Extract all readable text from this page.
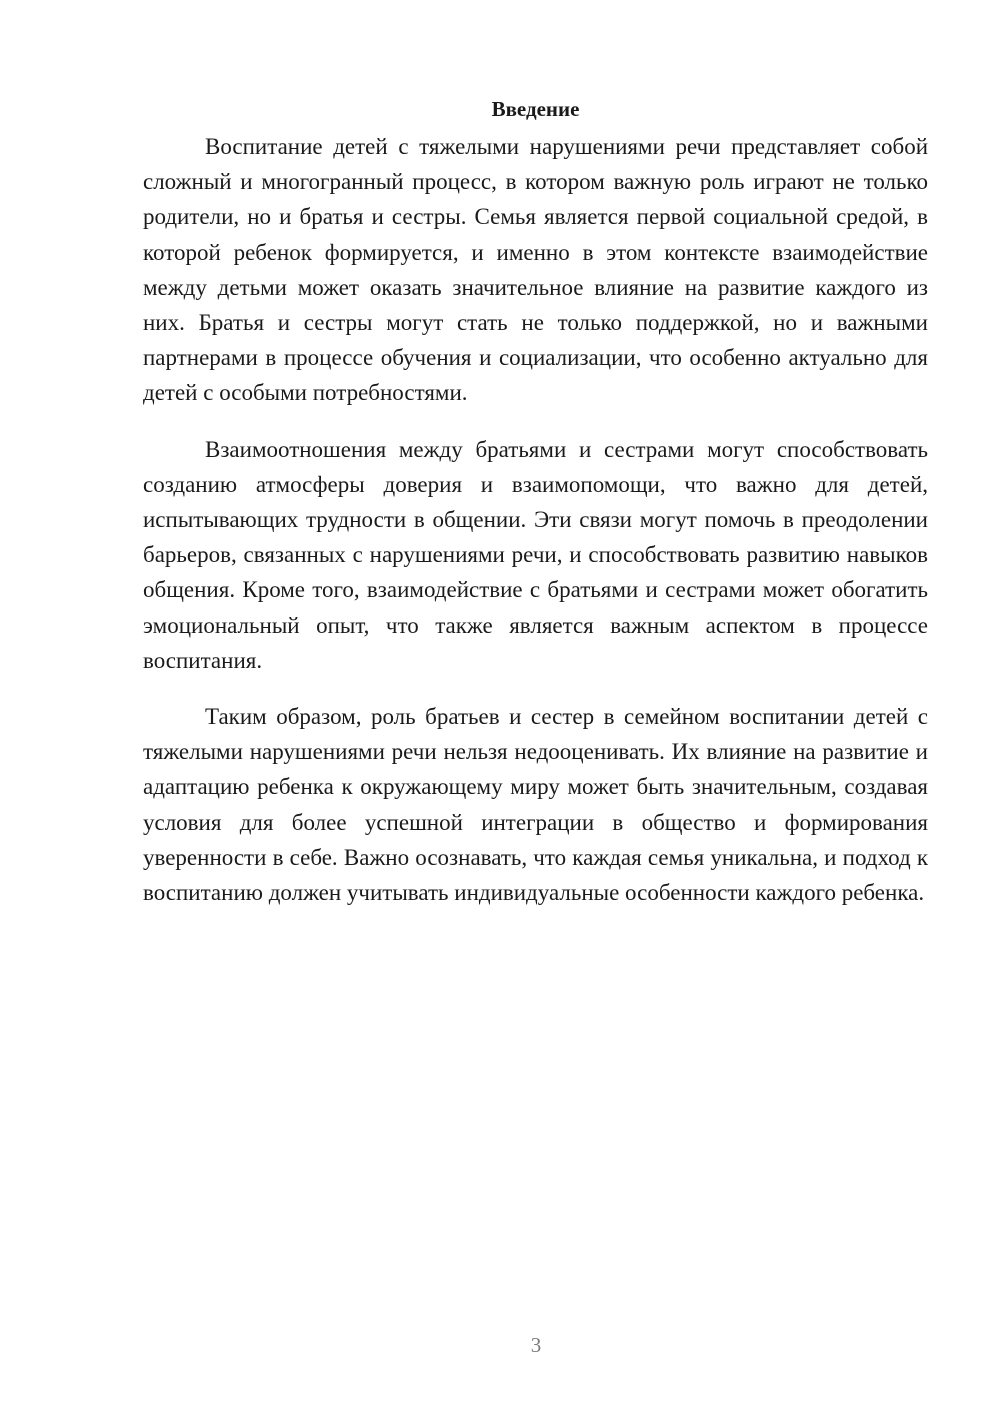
Введение

Воспитание детей с тяжелыми нарушениями речи представляет собой сложный и многогранный процесс, в котором важную роль играют не только родители, но и братья и сестры. Семья является первой социальной средой, в которой ребенок формируется, и именно в этом контексте взаимодействие между детьми может оказать значительное влияние на развитие каждого из них. Братья и сестры могут стать не только поддержкой, но и важными партнерами в процессе обучения и социализации, что особенно актуально для детей с особыми потребностями.

Взаимоотношения между братьями и сестрами могут способствовать созданию атмосферы доверия и взаимопомощи, что важно для детей, испытывающих трудности в общении. Эти связи могут помочь в преодолении барьеров, связанных с нарушениями речи, и способствовать развитию навыков общения. Кроме того, взаимодействие с братьями и сестрами может обогатить эмоциональный опыт, что также является важным аспектом в процессе воспитания.

Таким образом, роль братьев и сестер в семейном воспитании детей с тяжелыми нарушениями речи нельзя недооценивать. Их влияние на развитие и адаптацию ребенка к окружающему миру может быть значительным, создавая условия для более успешной интеграции в общество и формирования уверенности в себе. Важно осознавать, что каждая семья уникальна, и подход к воспитанию должен учитывать индивидуальные особенности каждого ребенка.

3
